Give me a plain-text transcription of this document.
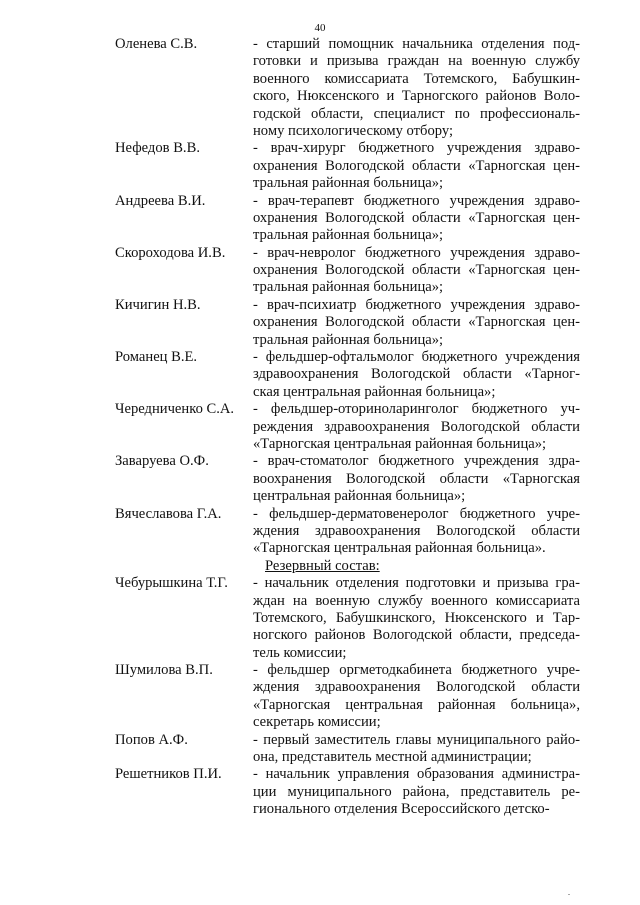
40
Оленева С.В.	- старший помощник начальника отделения под-
готовки и призыва граждан на военную службу
военного комиссариата Тотемского, Бабушкин-
ского, Нюксенского и Тарногского районов Воло-
годской области, специалист по профессиональ-
ному психологическому отбору;
Нефедов В.В.	- врач-хирург бюджетного учреждения здраво-
охранения Вологодской области «Тарногская цен-
тральная районная больница»;
Андреева В.И.	- врач-терапевт бюджетного учреждения здраво-
охранения Вологодской области «Тарногская цен-
тральная районная больница»;
Скороходова И.В.	- врач-невролог бюджетного учреждения здраво-
охранения Вологодской области «Тарногская цен-
тральная районная больница»;
Кичигин Н.В.	- врач-психиатр бюджетного учреждения здраво-
охранения Вологодской области «Тарногская цен-
тральная районная больница»;
Романец В.Е.	- фельдшер-офтальмолог бюджетного учреждения
здравоохранения Вологодской области «Тарног-
ская центральная районная больница»;
Чередниченко С.А.	- фельдшер-оториноларинголог бюджетного уч-
реждения здравоохранения Вологодской области
«Тарногская центральная районная больница»;
Заваруева О.Ф.	- врач-стоматолог бюджетного учреждения здра-
воохранения Вологодской области «Тарногская
центральная районная больница»;
Вячеславова Г.А.	- фельдшер-дерматовенеролог бюджетного учре-
ждения здравоохранения Вологодской области
«Тарногская центральная районная больница».
Резервный состав:
Чебурышкина Т.Г.	- начальник отделения подготовки и призыва гра-
ждан на военную службу военного комиссариата
Тотемского, Бабушкинского, Нюксенского и Тар-
ногского районов Вологодской области, председа-
тель комиссии;
Шумилова В.П.	- фельдшер оргметодкабинета бюджетного учре-
ждения здравоохранения Вологодской области
«Тарногская центральная районная больница»,
секретарь комиссии;
Попов А.Ф.	- первый заместитель главы муниципального райо-
она, представитель местной администрации;
Решетников П.И.	- начальник управления образования администра-
ции муниципального района, представитель ре-
гионального отделения Всероссийского детско-
.
